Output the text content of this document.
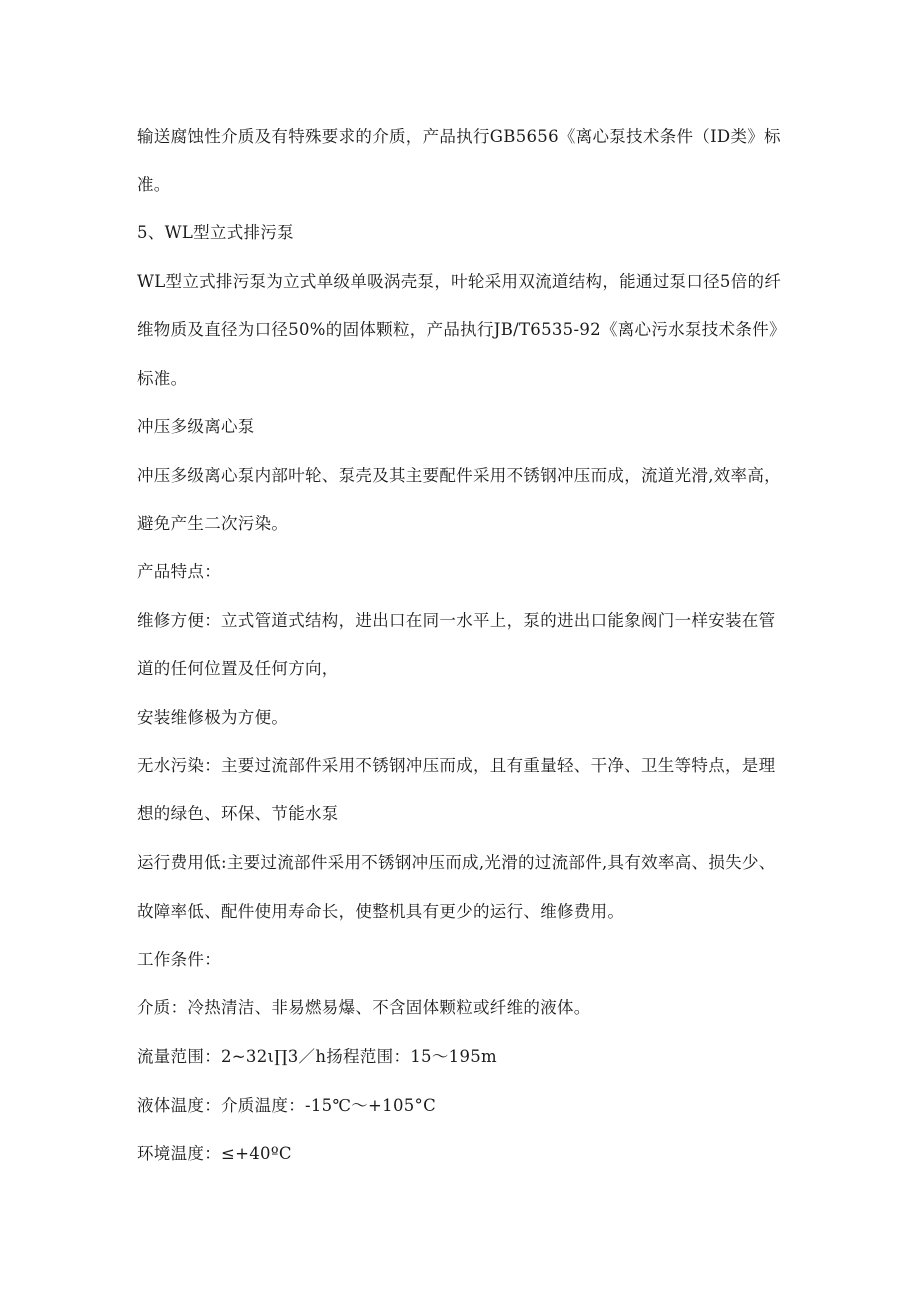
输送腐蚀性介质及有特殊要求的介质，产品执行GB5656《离心泵技术条件（ID类》标
准。
5、WL型立式排污泵
WL型立式排污泵为立式单级单吸涡壳泵，叶轮采用双流道结构，能通过泵口径5倍的纤
维物质及直径为口径50%的固体颗粒，产品执行JB/T6535-92《离心污水泵技术条件》
标准。
冲压多级离心泵
冲压多级离心泵内部叶轮、泵壳及其主要配件采用不锈钢冲压而成，流道光滑,效率高，
避免产生二次污染。
产品特点：
维修方便：立式管道式结构，进出口在同一水平上，泵的进出口能象阀门一样安装在管
道的任何位置及任何方向，
安装维修极为方便。
无水污染：主要过流部件采用不锈钢冲压而成，且有重量轻、干净、卫生等特点，是理
想的绿色、环保、节能水泵
运行费用低:主要过流部件采用不锈钢冲压而成,光滑的过流部件,具有效率高、损失少、
故障率低、配件使用寿命长，使整机具有更少的运行、维修费用。
工作条件：
介质：冷热清洁、非易燃易爆、不含固体颗粒或纤维的液体。
流量范围：2~32ι∏3／h扬程范围：15～195m
液体温度：介质温度：-15℃～+105°C
环境温度：≤+40ºC
